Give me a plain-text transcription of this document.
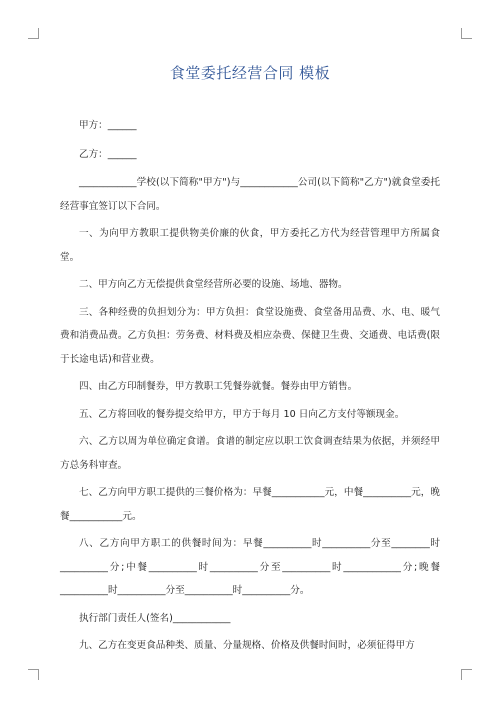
食堂委托经营合同 模板
甲方：______
乙方：______
____________学校(以下简称"甲方")与____________公司(以下简称"乙方")就食堂委托经营事宜签订以下合同。
一、为向甲方教职工提供物美价廉的伙食，甲方委托乙方代为经营管理甲方所属食堂。
二、甲方向乙方无偿提供食堂经营所必要的设施、场地、器物。
三、各种经费的负担划分为：甲方负担：食堂设施费、食堂备用品费、水、电、暖气费和消费品费。乙方负担：劳务费、材料费及相应杂费、保健卫生费、交通费、电话费(限于长途电话)和营业费。
四、由乙方印制餐券，甲方教职工凭餐券就餐。餐券由甲方销售。
五、乙方将回收的餐券提交给甲方，甲方于每月 10 日向乙方支付等额现金。
六、乙方以周为单位确定食谱。食谱的制定应以职工饮食调查结果为依据，并须经甲方总务科审查。
七、乙方向甲方职工提供的三餐价格为：早餐___________元，中餐__________元，晚餐___________元。
八、乙方向甲方职工的供餐时间为：早餐__________时__________分至________时__________分;中餐__________时__________分至__________时____________分;晚餐__________时__________分至__________时__________分。
执行部门责任人(签名)____________
九、乙方在变更食品种类、质量、分量规格、价格及供餐时间时，必须征得甲方
